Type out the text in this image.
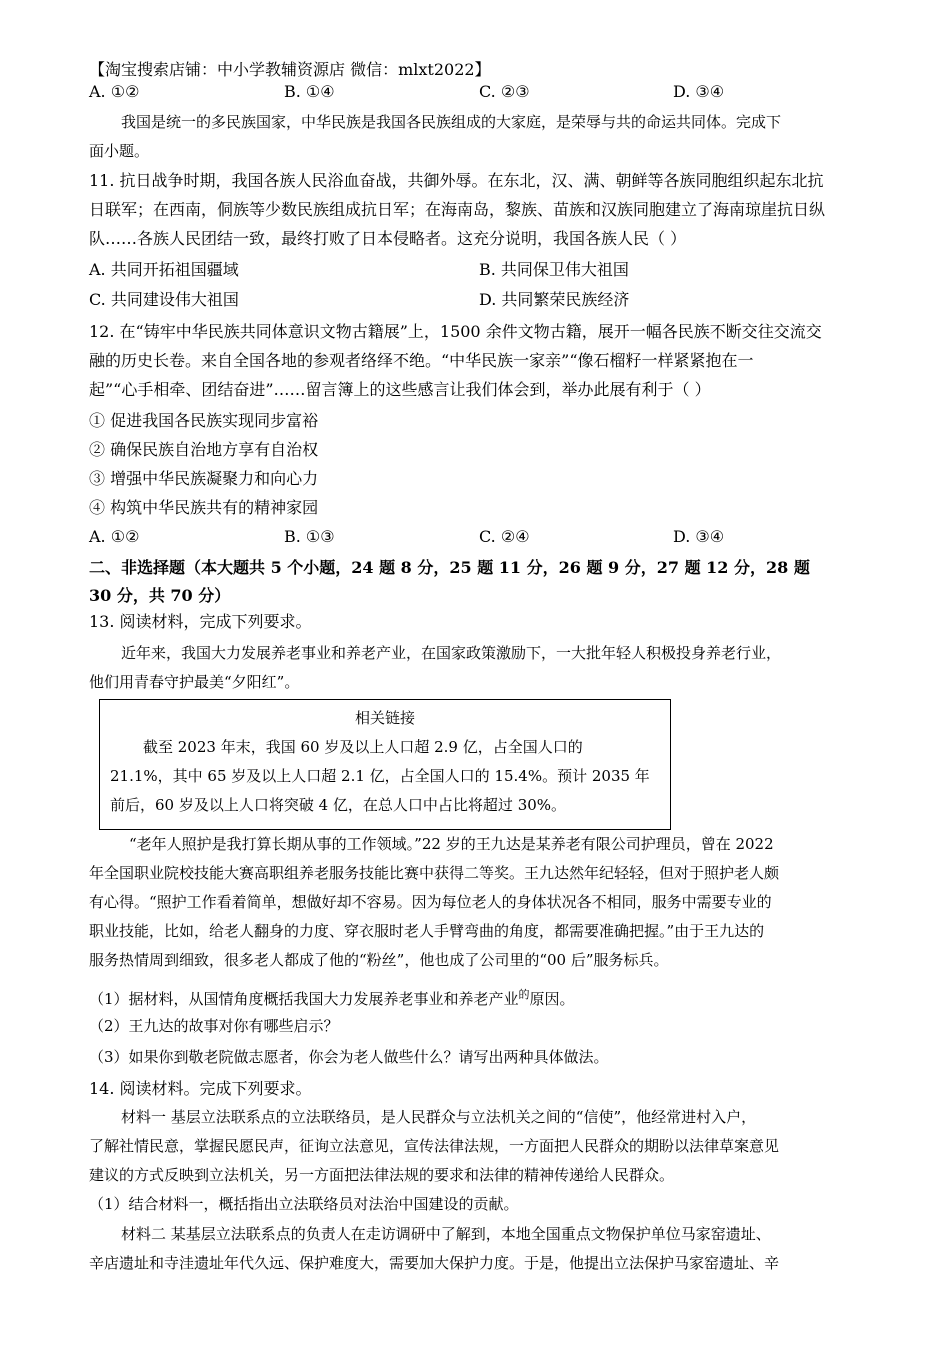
【淘宝搜索店铺：中小学教辅资源店 微信：mlxt2022】
A. ①②	B. ①④	C. ②③	D. ③④
我国是统一的多民族国家，中华民族是我国各民族组成的大家庭，是荣辱与共的命运共同体。完成下
面小题。
11. 抗日战争时期，我国各族人民浴血奋战，共御外辱。在东北，汉、满、朝鲜等各族同胞组织起东北抗
日联军；在西南，侗族等少数民族组成抗日军；在海南岛，黎族、苗族和汉族同胞建立了海南琼崖抗日纵
队……各族人民团结一致，最终打败了日本侵略者。这充分说明，我国各族人民（ ）
A. 共同开拓祖国疆域	B. 共同保卫伟大祖国
C. 共同建设伟大祖国	D. 共同繁荣民族经济
12. 在“铸牢中华民族共同体意识文物古籍展”上，1500 余件文物古籍，展开一幅各民族不断交往交流交
融的历史长卷。来自全国各地的参观者络绎不绝。“中华民族一家亲”“像石榴籽一样紧紧抱在一
起”“心手相牵、团结奋进”……留言簿上的这些感言让我们体会到，举办此展有利于（ ）
① 促进我国各民族实现同步富裕
② 确保民族自治地方享有自治权
③ 增强中华民族凝聚力和向心力
④ 构筑中华民族共有的精神家园
A. ①②	B. ①③	C. ②④	D. ③④
二、非选择题（本大题共 5 个小题，24 题 8 分，25 题 11 分，26 题 9 分，27 题 12 分，28 题
30 分，共 70 分）
13. 阅读材料，完成下列要求。
近年来，我国大力发展养老事业和养老产业，在国家政策激励下，一大批年轻人积极投身养老行业，
他们用青春守护最美“夕阳红”。
相关链接
截至 2023 年末，我国 60 岁及以上人口超 2.9 亿，占全国人口的
21.1%，其中 65 岁及以上人口超 2.1 亿，占全国人口的 15.4%。预计 2035 年
前后，60 岁及以上人口将突破 4 亿，在总人口中占比将超过 30%。
“老年人照护是我打算长期从事的工作领域。”22 岁的王九达是某养老有限公司护理员，曾在 2022
年全国职业院校技能大赛高职组养老服务技能比赛中获得二等奖。王九达然年纪轻轻，但对于照护老人颇
有心得。“照护工作看着简单，想做好却不容易。因为每位老人的身体状况各不相同，服务中需要专业的
职业技能，比如，给老人翻身的力度、穿衣服时老人手臂弯曲的角度，都需要准确把握。”由于王九达的
服务热情周到细致，很多老人都成了他的“粉丝”，他也成了公司里的“00 后”服务标兵。
（1）据材料，从国情角度概括我国大力发展养老事业和养老产业$^的$原因。
（2）王九达的故事对你有哪些启示？
（3）如果你到敬老院做志愿者，你会为老人做些什么？请写出两种具体做法。
14. 阅读材料。完成下列要求。
材料一 基层立法联系点的立法联络员，是人民群众与立法机关之间的“信使”，他经常进村入户，
了解社情民意，掌握民愿民声，征询立法意见，宣传法律法规，一方面把人民群众的期盼以法律草案意见
建议的方式反映到立法机关，另一方面把法律法规的要求和法律的精神传递给人民群众。
（1）结合材料一，概括指出立法联络员对法治中国建设的贡献。
材料二 某基层立法联系点的负责人在走访调研中了解到，本地全国重点文物保护单位马家窑遗址、
辛店遗址和寺洼遗址年代久远、保护难度大，需要加大保护力度。于是，他提出立法保护马家窑遗址、辛
